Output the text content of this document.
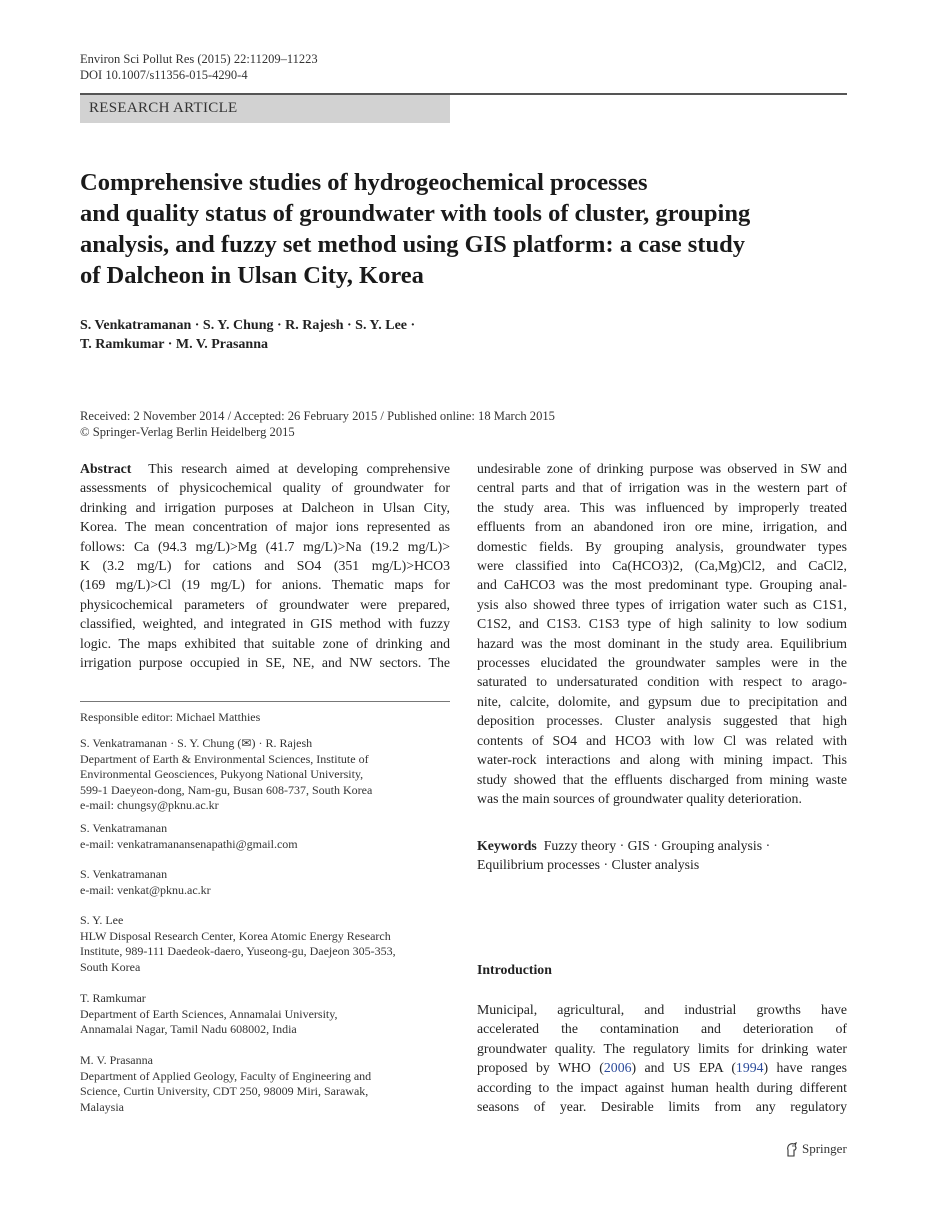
Environ Sci Pollut Res (2015) 22:11209–11223
DOI 10.1007/s11356-015-4290-4
RESEARCH ARTICLE
Comprehensive studies of hydrogeochemical processes
and quality status of groundwater with tools of cluster, grouping
analysis, and fuzzy set method using GIS platform: a case study
of Dalcheon in Ulsan City, Korea
S. Venkatramanan · S. Y. Chung · R. Rajesh · S. Y. Lee ·
T. Ramkumar · M. V. Prasanna
Received: 2 November 2014 / Accepted: 26 February 2015 / Published online: 18 March 2015
© Springer-Verlag Berlin Heidelberg 2015
Abstract This research aimed at developing comprehensive
assessments of physicochemical quality of groundwater for
drinking and irrigation purposes at Dalcheon in Ulsan City,
Korea. The mean concentration of major ions represented as
follows: Ca (94.3 mg/L)>Mg (41.7 mg/L)>Na (19.2 mg/L)>
K (3.2 mg/L) for cations and SO4 (351 mg/L)>HCO3
(169 mg/L)>Cl (19 mg/L) for anions. Thematic maps for
physicochemical parameters of groundwater were prepared,
classified, weighted, and integrated in GIS method with fuzzy
logic. The maps exhibited that suitable zone of drinking and
irrigation purpose occupied in SE, NE, and NW sectors. The
Responsible editor: Michael Matthies
S. Venkatramanan · S. Y. Chung (✉) · R. Rajesh
Department of Earth & Environmental Sciences, Institute of
Environmental Geosciences, Pukyong National University,
599-1 Daeyeon-dong, Nam-gu, Busan 608-737, South Korea
e-mail: chungsy@pknu.ac.kr
S. Venkatramanan
e-mail: venkatramanansenapathi@gmail.com
S. Venkatramanan
e-mail: venkat@pknu.ac.kr
S. Y. Lee
HLW Disposal Research Center, Korea Atomic Energy Research
Institute, 989-111 Daedeok-daero, Yuseong-gu, Daejeon 305-353,
South Korea
T. Ramkumar
Department of Earth Sciences, Annamalai University,
Annamalai Nagar, Tamil Nadu 608002, India
M. V. Prasanna
Department of Applied Geology, Faculty of Engineering and
Science, Curtin University, CDT 250, 98009 Miri, Sarawak,
Malaysia
undesirable zone of drinking purpose was observed in SW and
central parts and that of irrigation was in the western part of
the study area. This was influenced by improperly treated
effluents from an abandoned iron ore mine, irrigation, and
domestic fields. By grouping analysis, groundwater types
were classified into Ca(HCO3)2, (Ca,Mg)Cl2, and CaCl2,
and CaHCO3 was the most predominant type. Grouping anal-
ysis also showed three types of irrigation water such as C1S1,
C1S2, and C1S3. C1S3 type of high salinity to low sodium
hazard was the most dominant in the study area. Equilibrium
processes elucidated the groundwater samples were in the
saturated to undersaturated condition with respect to arago-
nite, calcite, dolomite, and gypsum due to precipitation and
deposition processes. Cluster analysis suggested that high
contents of SO4 and HCO3 with low Cl was related with
water-rock interactions and along with mining impact. This
study showed that the effluents discharged from mining waste
was the main sources of groundwater quality deterioration.
Keywords Fuzzy theory · GIS · Grouping analysis ·
Equilibrium processes · Cluster analysis
Introduction
Municipal, agricultural, and industrial growths have
accelerated the contamination and deterioration of
groundwater quality. The regulatory limits for drinking water
proposed by WHO (2006) and US EPA (1994) have ranges
according to the impact against human health during different
seasons of year. Desirable limits from any regulatory
Springer
